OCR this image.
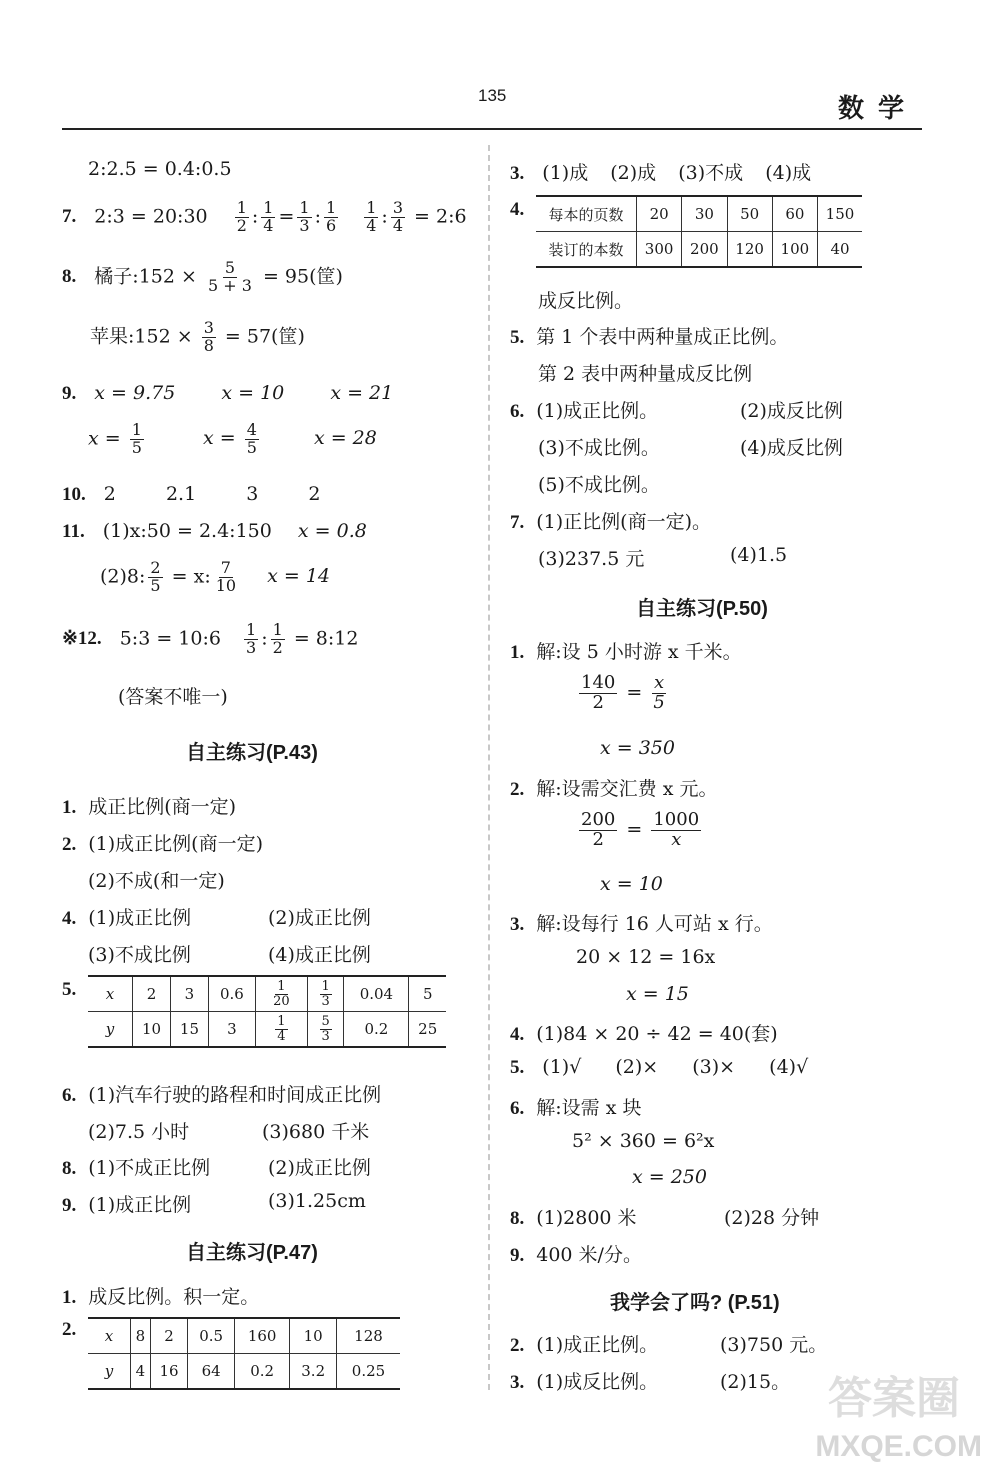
135	数学
2:2.5 = 0.4:0.5
7. 2:3 = 20:30 $\frac{1}{2}$ : $\frac{1}{4} = \frac{1}{3}$ : $\frac{1}{6}$
$\frac{1}{4}$ : $\frac{3}{4}$ = 2:6
8. 橘子:152 × $\frac{5}{5 + 3} = 95$(筐)
苹果:152 × $\frac{3}{8} = 57$(筐)
9. x = 9.75 x = 10 x = 21
$x = \frac{1}{5}$	$x = \frac{4}{5}$	x = 28
10. 2	2.1	3	2
11. (1)x:50 = 2.4:150 x = 0.8
(2)8: $\frac{2}{5} = x$: $\frac{7}{10}$ x = 14
※12. 5:3 = 10:6 $\frac{1}{3}$ : $\frac{1}{2}$ = 8:12
(答案不唯一)
自主练习(P.43)
1. 成正比例(商一定)
2. (1)成正比例(商一定)
(2)不成(和一定)
4. (1)成正比例	(2)成正比例
(3)不成比例	(4)成正比例
5.	x	2	3	0.6	$\frac{1}{20}$	$\frac{1}{3}$	0.04	5
y	10	15	3	$\frac{1}{4}$	$\frac{5}{3}$	0.2	25
6. (1)汽车行驶的路程和时间成正比例
(2)7.5 小时	(3)680 千米
8. (1)不成正比例	(2)成正比例
9. (1)成正比例	(3)1.25cm
自主练习(P.47)
1. 成反比例。积一定。
2.	x	8	2	0.5	160	10	128
y	4	16	64	0.2	3.2	0.25
3. (1)成 (2)成 (3)不成 (4)成
4.	每本的页数	20	30	50	60	150
装订的本数	300	200	120	100	40
成反比例。
5. 第 1 个表中两种量成正比例。
第 2 表中两种量成反比例
6. (1)成正比例。	(2)成反比例
(3)不成比例。	(4)成反比例
(5)不成比例。
7. (1)正比例(商一定)。
(3)237.5 元	(4)1.5
自主练习(P.50)
1. 解:设 5 小时游 x 千米。
$\frac{140}{2} = \frac{x}{5}$
x = 350
2. 解:设需交汇费 x 元。
$\frac{200}{2} = \frac{1000}{x}$
x = 10
3. 解:设每行 16 人可站 x 行。
20 × 12 = 16x
x = 15
4. (1)84 × 20 ÷ 42 = 40(套)
5. (1)√ (2)× (3)× (4)√
6. 解:设需 x 块
5² × 360 = 6²x
x = 250
8. (1)2800 米	(2)28 分钟
9. 400 米/分。
我学会了吗? (P.51)
2. (1)成正比例。	(3)750 元。
3. (1)成反比例。	(2)15。 答案圈
MXQE.COM
